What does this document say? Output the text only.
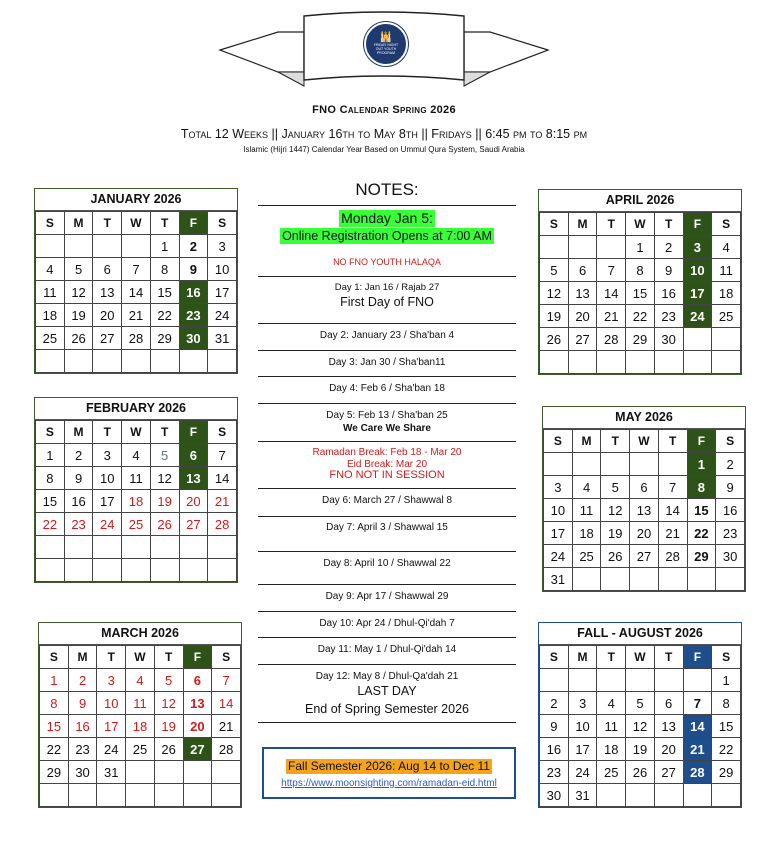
🕌
FRIDAY NIGHT OUT YOUTH PROGRAM
FNO Calendar Spring 2026
Total 12 Weeks || January 16th to May 8th || Fridays || 6:45 pm to 8:15 pm
Islamic (Hijri 1447) Calendar Year Based on Ummul Qura System, Saudi Arabia
JANUARY 2026
S	M	T	W	T	F	S
				1	2	3
4	5	6	7	8	9	10
11	12	13	14	15	16	17
18	19	20	21	22	23	24
25	26	27	28	29	30	31

FEBRUARY 2026
S	M	T	W	T	F	S
1	2	3	4	5	6	7
8	9	10	11	12	13	14
15	16	17	18	19	20	21
22	23	24	25	26	27	28

MARCH 2026
S	M	T	W	T	F	S
1	2	3	4	5	6	7
8	9	10	11	12	13	14
15	16	17	18	19	20	21
22	23	24	25	26	27	28
29	30	31				

APRIL 2026
S	M	T	W	T	F	S
			1	2	3	4
5	6	7	8	9	10	11
12	13	14	15	16	17	18
19	20	21	22	23	24	25
26	27	28	29	30		

MAY 2026
S	M	T	W	T	F	S
					1	2
3	4	5	6	7	8	9
10	11	12	13	14	15	16
17	18	19	20	21	22	23
24	25	26	27	28	29	30
31						
FALL - AUGUST 2026
S	M	T	W	T	F	S
						1
2	3	4	5	6	7	8
9	10	11	12	13	14	15
16	17	18	19	20	21	22
23	24	25	26	27	28	29
30	31					
NOTES:
Monday Jan 5:
Online Registration Opens at 7:00 AM
NO FNO YOUTH HALAQA
Day 1: Jan 16 / Rajab 27
First Day of FNO
Day 2: January 23 / Sha'ban 4
Day 3: Jan 30 / Sha'ban11
Day 4: Feb 6 / Sha'ban 18
Day 5: Feb 13 / Sha'ban 25
We Care We Share
Ramadan Break: Feb 18 - Mar 20
Eid Break: Mar 20
FNO NOT IN SESSION
Day 6: March 27 / Shawwal 8
Day 7: April 3 / Shawwal 15
Day 8: April 10 / Shawwal 22
Day 9: Apr 17 / Shawwal 29
Day 10: Apr 24 / Dhul-Qi'dah 7
Day 11: May 1 / Dhul-Qi'dah 14
Day 12: May 8 / Dhul-Qa'dah 21
LAST DAY
End of Spring Semester 2026
Fall Semester 2026: Aug 14 to Dec 11
https://www.moonsighting.com/ramadan-eid.html
